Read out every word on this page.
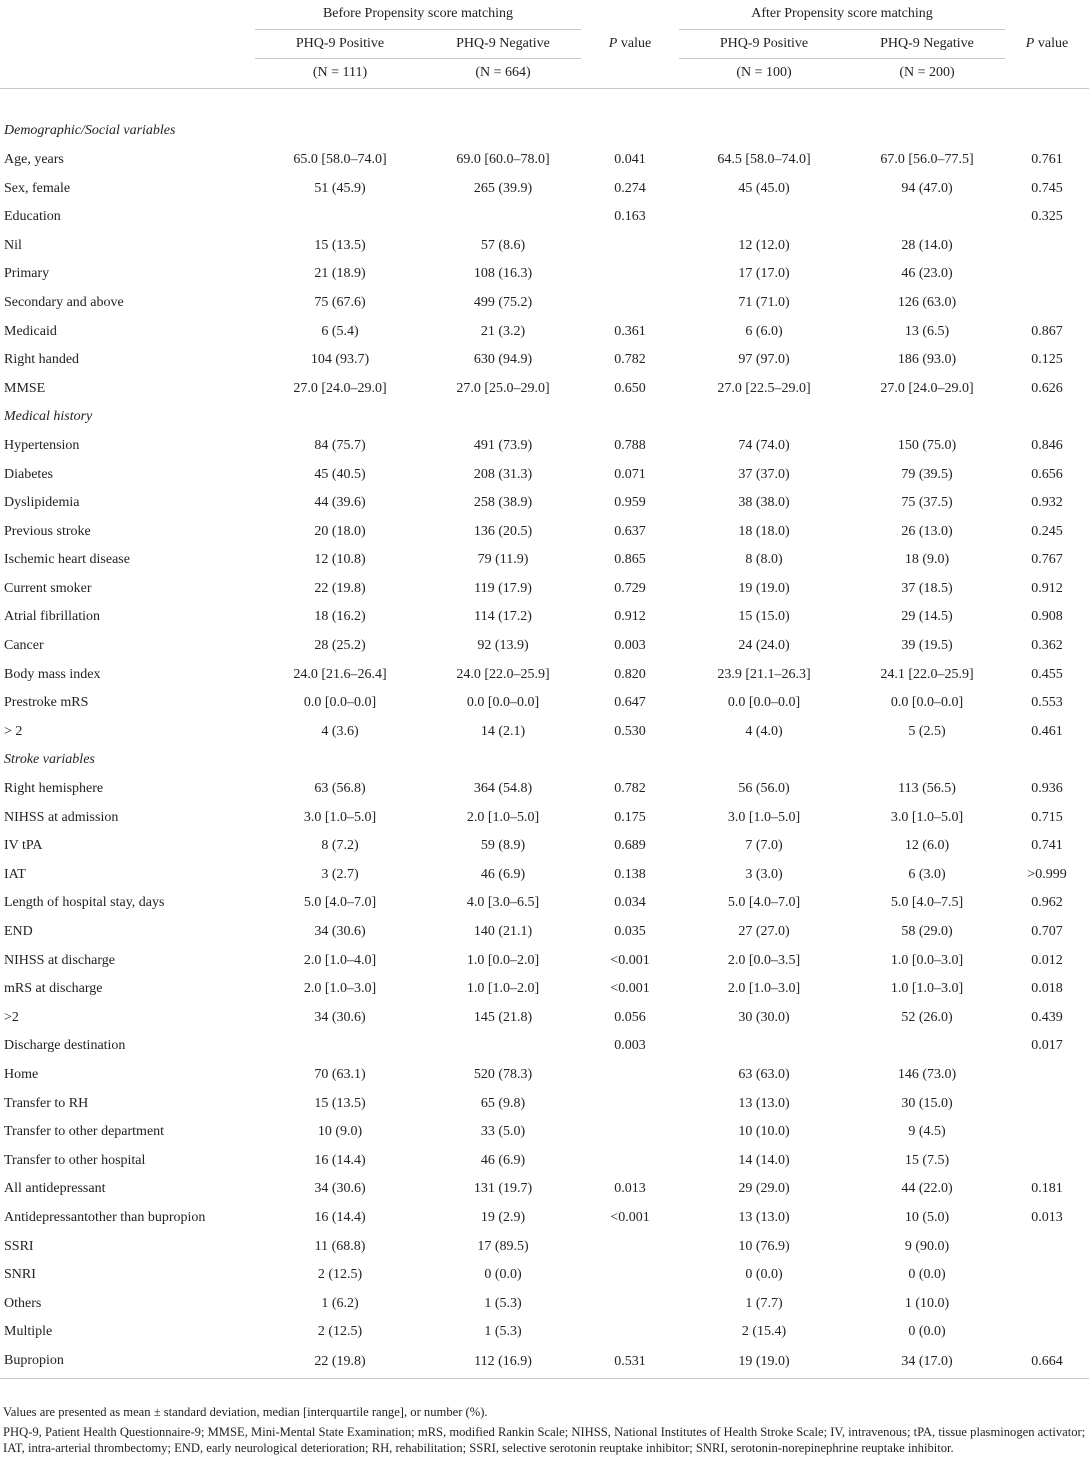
	Before Propensity score matching			After Propensity score matching		
	PHQ-9 Positive	PHQ-9 Negative	P value	PHQ-9 Positive	PHQ-9 Negative	P value
	(N = 111)	(N = 664)		(N = 100)	(N = 200)	

Demographic/Social variables						
Age, years	65.0 [58.0–74.0]	69.0 [60.0–78.0]	0.041	64.5 [58.0–74.0]	67.0 [56.0–77.5]	0.761
Sex, female	51 (45.9)	265 (39.9)	0.274	45 (45.0)	94 (47.0)	0.745
Education			0.163			0.325
Nil	15 (13.5)	57 (8.6)		12 (12.0)	28 (14.0)	
Primary	21 (18.9)	108 (16.3)		17 (17.0)	46 (23.0)	
Secondary and above	75 (67.6)	499 (75.2)		71 (71.0)	126 (63.0)	
Medicaid	6 (5.4)	21 (3.2)	0.361	6 (6.0)	13 (6.5)	0.867
Right handed	104 (93.7)	630 (94.9)	0.782	97 (97.0)	186 (93.0)	0.125
MMSE	27.0 [24.0–29.0]	27.0 [25.0–29.0]	0.650	27.0 [22.5–29.0]	27.0 [24.0–29.0]	0.626
Medical history						
Hypertension	84 (75.7)	491 (73.9)	0.788	74 (74.0)	150 (75.0)	0.846
Diabetes	45 (40.5)	208 (31.3)	0.071	37 (37.0)	79 (39.5)	0.656
Dyslipidemia	44 (39.6)	258 (38.9)	0.959	38 (38.0)	75 (37.5)	0.932
Previous stroke	20 (18.0)	136 (20.5)	0.637	18 (18.0)	26 (13.0)	0.245
Ischemic heart disease	12 (10.8)	79 (11.9)	0.865	8 (8.0)	18 (9.0)	0.767
Current smoker	22 (19.8)	119 (17.9)	0.729	19 (19.0)	37 (18.5)	0.912
Atrial fibrillation	18 (16.2)	114 (17.2)	0.912	15 (15.0)	29 (14.5)	0.908
Cancer	28 (25.2)	92 (13.9)	0.003	24 (24.0)	39 (19.5)	0.362
Body mass index	24.0 [21.6–26.4]	24.0 [22.0–25.9]	0.820	23.9 [21.1–26.3]	24.1 [22.0–25.9]	0.455
Prestroke mRS	0.0 [0.0–0.0]	0.0 [0.0–0.0]	0.647	0.0 [0.0–0.0]	0.0 [0.0–0.0]	0.553
> 2	4 (3.6)	14 (2.1)	0.530	4 (4.0)	5 (2.5)	0.461
Stroke variables						
Right hemisphere	63 (56.8)	364 (54.8)	0.782	56 (56.0)	113 (56.5)	0.936
NIHSS at admission	3.0 [1.0–5.0]	2.0 [1.0–5.0]	0.175	3.0 [1.0–5.0]	3.0 [1.0–5.0]	0.715
IV tPA	8 (7.2)	59 (8.9)	0.689	7 (7.0)	12 (6.0)	0.741
IAT	3 (2.7)	46 (6.9)	0.138	3 (3.0)	6 (3.0)	>0.999
Length of hospital stay, days	5.0 [4.0–7.0]	4.0 [3.0–6.5]	0.034	5.0 [4.0–7.0]	5.0 [4.0–7.5]	0.962
END	34 (30.6)	140 (21.1)	0.035	27 (27.0)	58 (29.0)	0.707
NIHSS at discharge	2.0 [1.0–4.0]	1.0 [0.0–2.0]	<0.001	2.0 [0.0–3.5]	1.0 [0.0–3.0]	0.012
mRS at discharge	2.0 [1.0–3.0]	1.0 [1.0–2.0]	<0.001	2.0 [1.0–3.0]	1.0 [1.0–3.0]	0.018
>2	34 (30.6)	145 (21.8)	0.056	30 (30.0)	52 (26.0)	0.439
Discharge destination			0.003			0.017
Home	70 (63.1)	520 (78.3)		63 (63.0)	146 (73.0)	
Transfer to RH	15 (13.5)	65 (9.8)		13 (13.0)	30 (15.0)	
Transfer to other department	10 (9.0)	33 (5.0)		10 (10.0)	9 (4.5)	
Transfer to other hospital	16 (14.4)	46 (6.9)		14 (14.0)	15 (7.5)	
All antidepressant	34 (30.6)	131 (19.7)	0.013	29 (29.0)	44 (22.0)	0.181
Antidepressantother than bupropion	16 (14.4)	19 (2.9)	<0.001	13 (13.0)	10 (5.0)	0.013
SSRI	11 (68.8)	17 (89.5)		10 (76.9)	9 (90.0)	
SNRI	2 (12.5)	0 (0.0)		0 (0.0)	0 (0.0)	
Others	1 (6.2)	1 (5.3)		1 (7.7)	1 (10.0)	
Multiple	2 (12.5)	1 (5.3)		2 (15.4)	0 (0.0)	
Bupropion	22 (19.8)	112 (16.9)	0.531	19 (19.0)	34 (17.0)	0.664

Values are presented as mean ± standard deviation, median [interquartile range], or number (%).

PHQ-9, Patient Health Questionnaire-9; MMSE, Mini-Mental State Examination; mRS, modified Rankin Scale; NIHSS, National Institutes of Health Stroke Scale; IV, intravenous; tPA, tissue plasminogen activator; IAT, intra-arterial thrombectomy; END, early neurological deterioration; RH, rehabilitation; SSRI, selective serotonin reuptake inhibitor; SNRI, serotonin-norepinephrine reuptake inhibitor.
